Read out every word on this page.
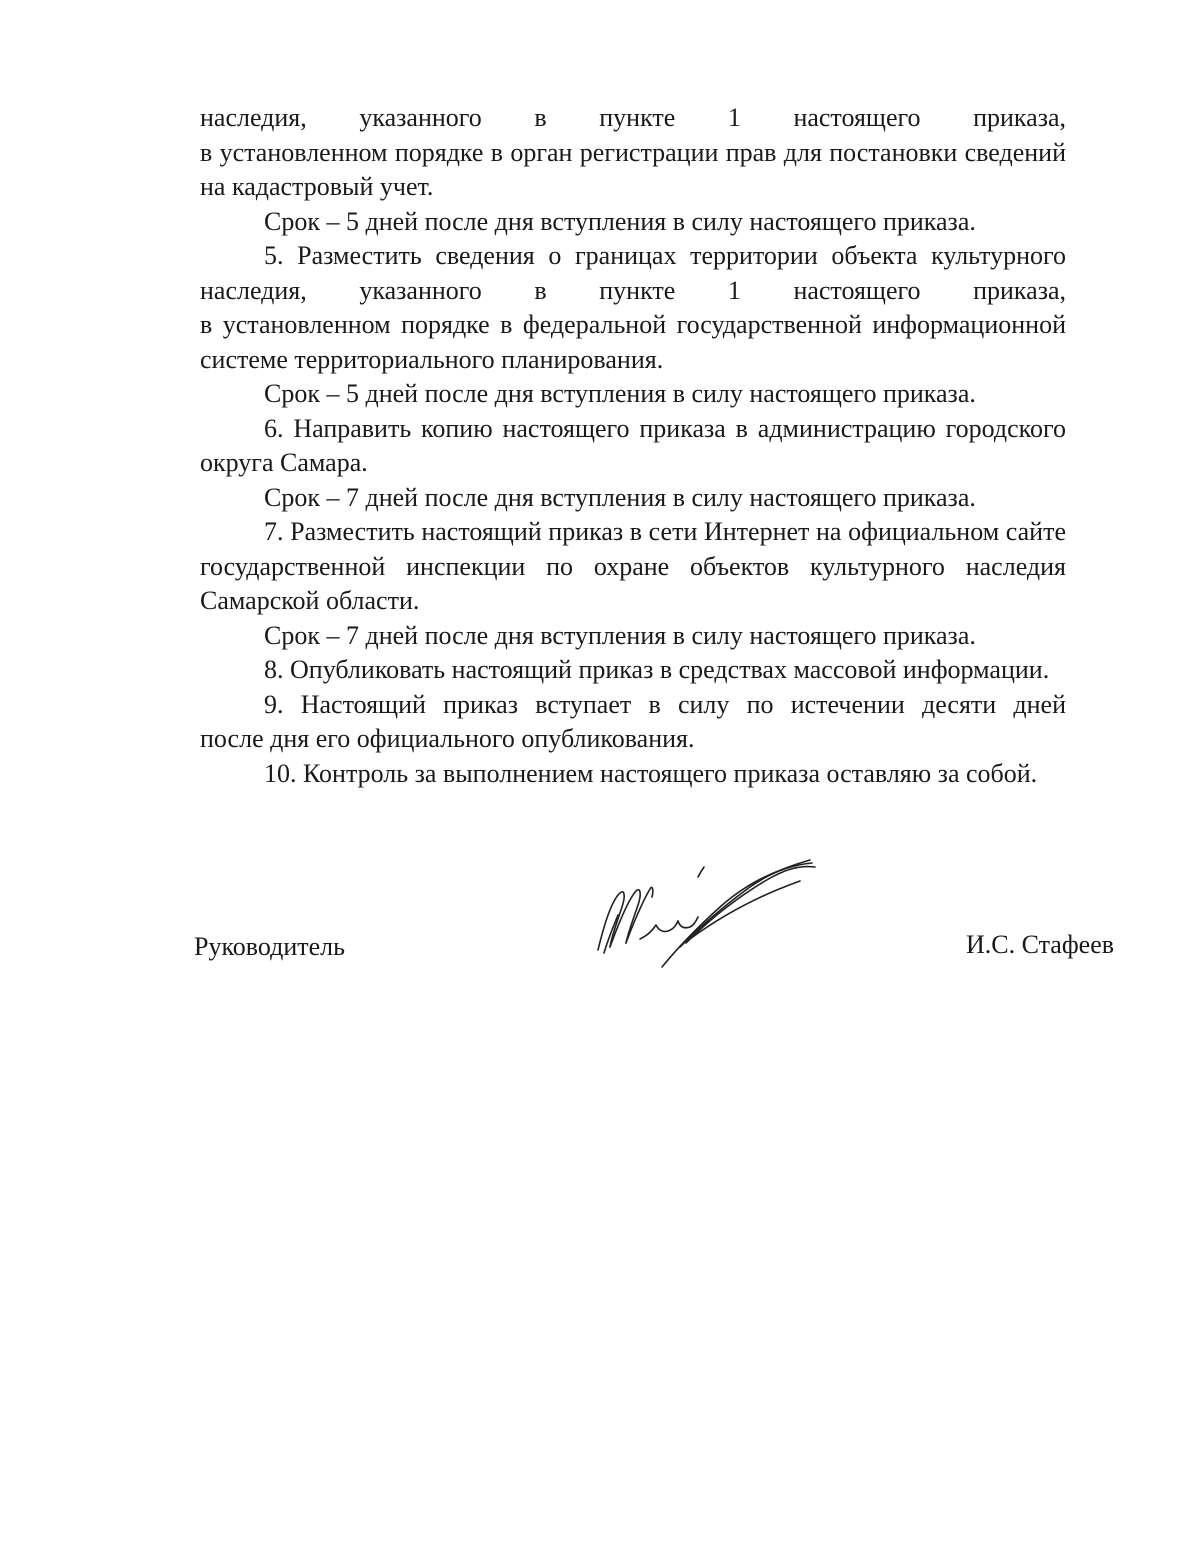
наследия, указанного в пункте 1 настоящего приказа,
в установленном порядке в орган регистрации прав для постановки сведений
на кадастровый учет.

Срок – 5 дней после дня вступления в силу настоящего приказа.

5. Разместить сведения о границах территории объекта культурного
наследия, указанного в пункте 1 настоящего приказа,
в установленном порядке в федеральной государственной информационной
системе территориального планирования.

Срок – 5 дней после дня вступления в силу настоящего приказа.

6. Направить копию настоящего приказа в администрацию городского
округа Самара.

Срок – 7 дней после дня вступления в силу настоящего приказа.

7. Разместить настоящий приказ в сети Интернет на официальном сайте
государственной инспекции по охране объектов культурного наследия
Самарской области.

Срок – 7 дней после дня вступления в силу настоящего приказа.

8. Опубликовать настоящий приказ в средствах массовой информации.

9. Настоящий приказ вступает в силу по истечении десяти дней
после дня его официального опубликования.

10. Контроль за выполнением настоящего приказа оставляю за собой.

Руководитель	И.С. Стафеев
